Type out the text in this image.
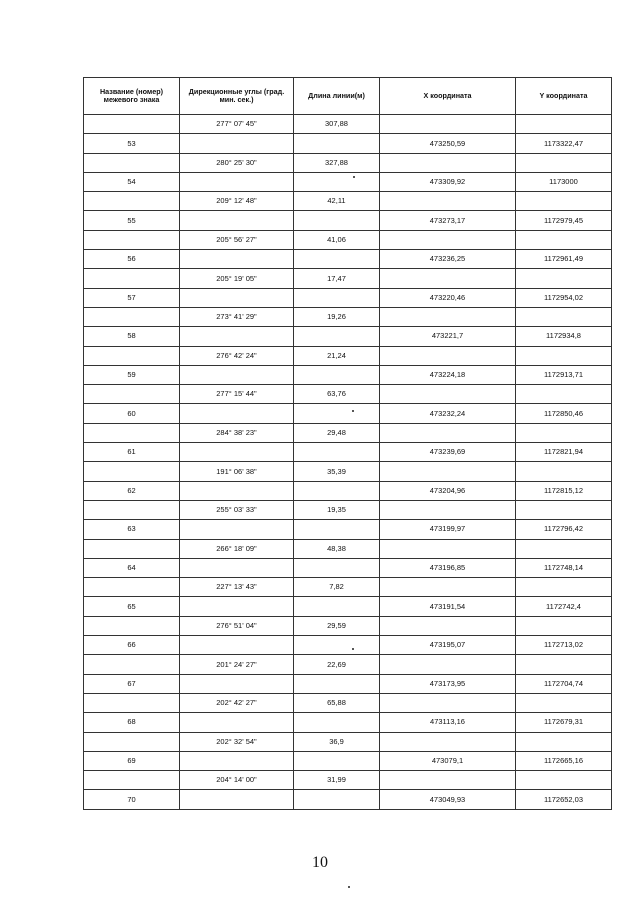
Название (номер) межевого знака	Дирекционные углы (град. мин. сек.)	Длина линии(м)	X координата	Y координата
	277° 07' 45"	307,88		
53			473250,59	1173322,47
	280° 25' 30"	327,88		
54			473309,92	1173000
	209° 12' 48"	42,11		
55			473273,17	1172979,45
	205° 56' 27"	41,06		
56			473236,25	1172961,49
	205° 19' 05"	17,47		
57			473220,46	1172954,02
	273° 41' 29"	19,26		
58			473221,7	1172934,8
	276° 42' 24"	21,24		
59			473224,18	1172913,71
	277° 15' 44"	63,76		
60			473232,24	1172850,46
	284° 38' 23"	29,48		
61			473239,69	1172821,94
	191° 06' 38"	35,39		
62			473204,96	1172815,12
	255° 03' 33"	19,35		
63			473199,97	1172796,42
	266° 18' 09"	48,38		
64			473196,85	1172748,14
	227° 13' 43"	7,82		
65			473191,54	1172742,4
	276° 51' 04"	29,59		
66			473195,07	1172713,02
	201° 24' 27"	22,69		
67			473173,95	1172704,74
	202° 42' 27"	65,88		
68			473113,16	1172679,31
	202° 32' 54"	36,9		
69			473079,1	1172665,16
	204° 14' 00"	31,99		
70			473049,93	1172652,03
10
